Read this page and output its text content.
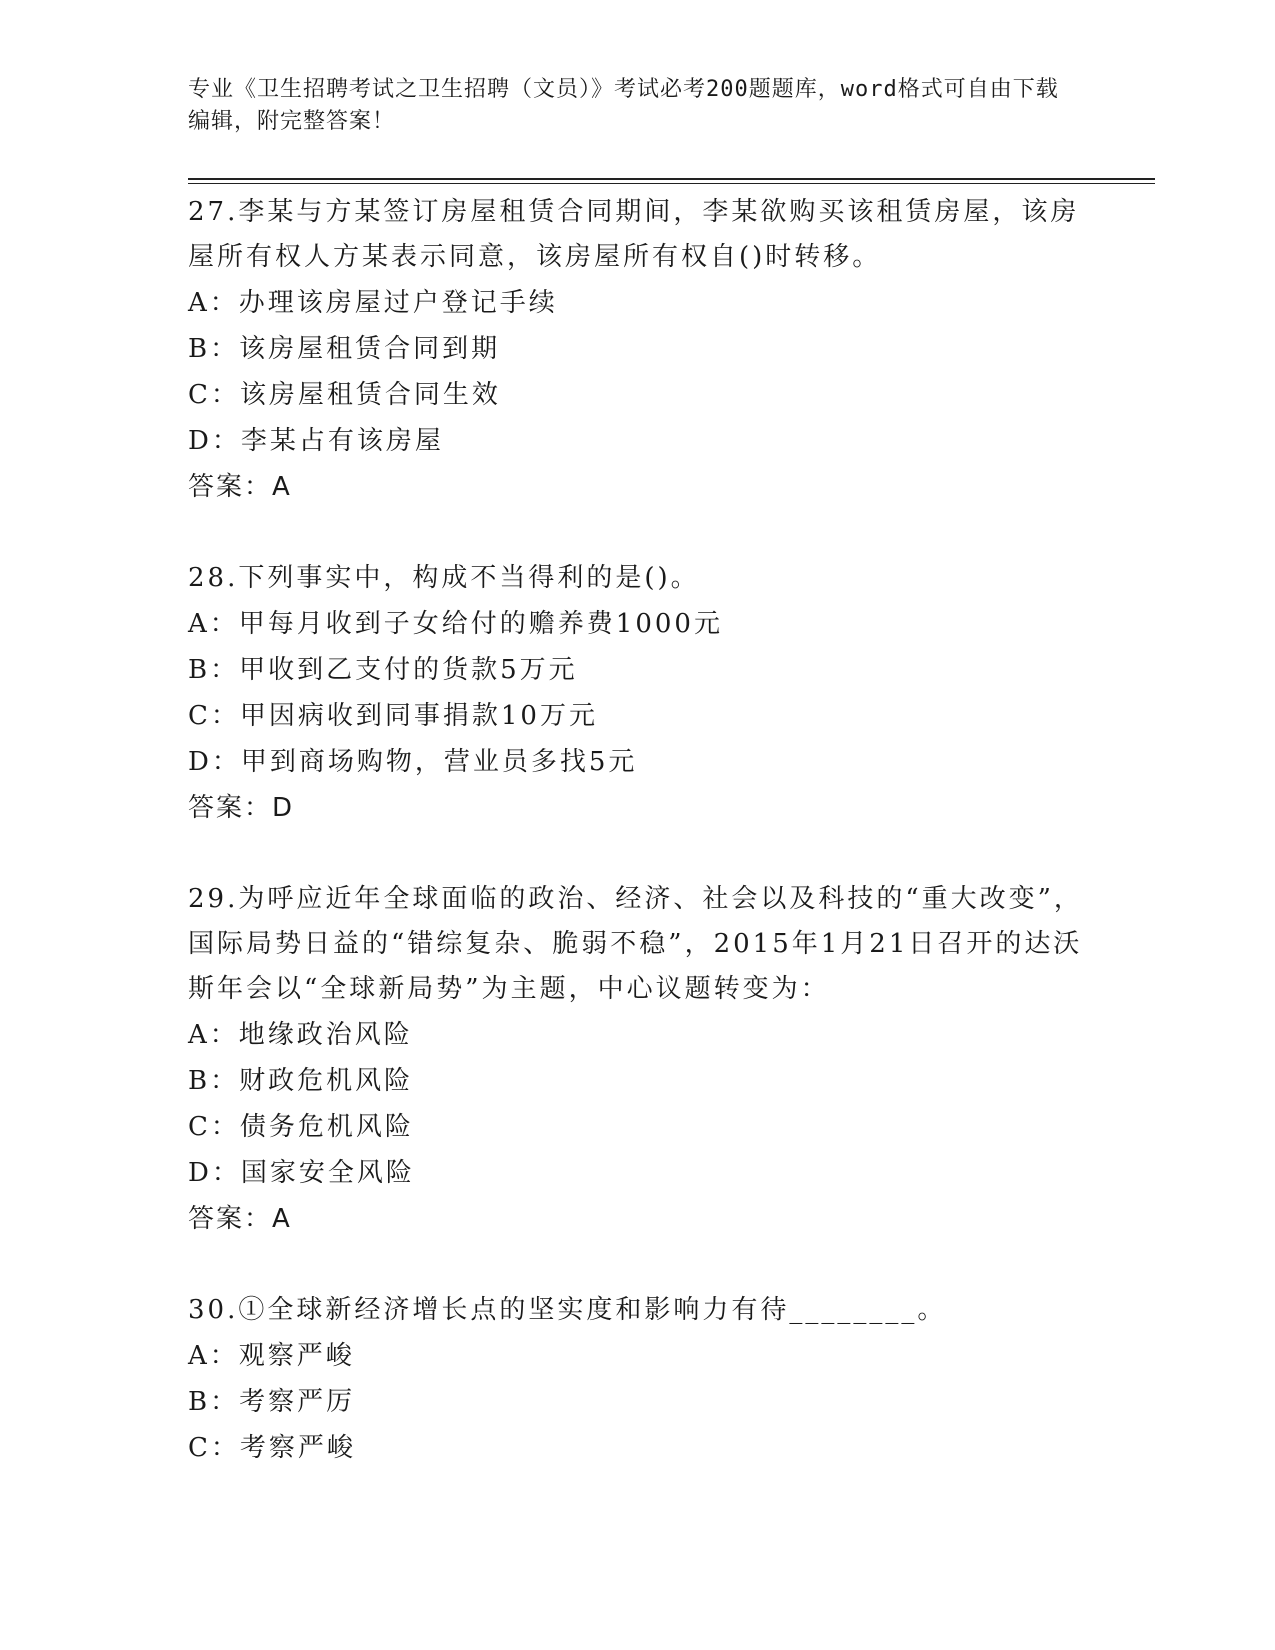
专业《卫生招聘考试之卫生招聘（文员）》考试必考200题题库，word格式可自由下载编辑，附完整答案！

27.李某与方某签订房屋租赁合同期间，李某欲购买该租赁房屋，该房屋所有权人方某表示同意，该房屋所有权自()时转移。

A：办理该房屋过户登记手续

B：该房屋租赁合同到期

C：该房屋租赁合同生效

D：李某占有该房屋

答案：A

28.下列事实中，构成不当得利的是()。

A：甲每月收到子女给付的赡养费1000元

B：甲收到乙支付的货款5万元

C：甲因病收到同事捐款10万元

D：甲到商场购物，营业员多找5元

答案：D

29.为呼应近年全球面临的政治、经济、社会以及科技的“重大改变”，国际局势日益的“错综复杂、脆弱不稳”，2015年1月21日召开的达沃斯年会以“全球新局势”为主题，中心议题转变为：

A：地缘政治风险

B：财政危机风险

C：债务危机风险

D：国家安全风险

答案：A

30.①全球新经济增长点的坚实度和影响力有待________。

A：观察严峻

B：考察严厉

C：考察严峻
